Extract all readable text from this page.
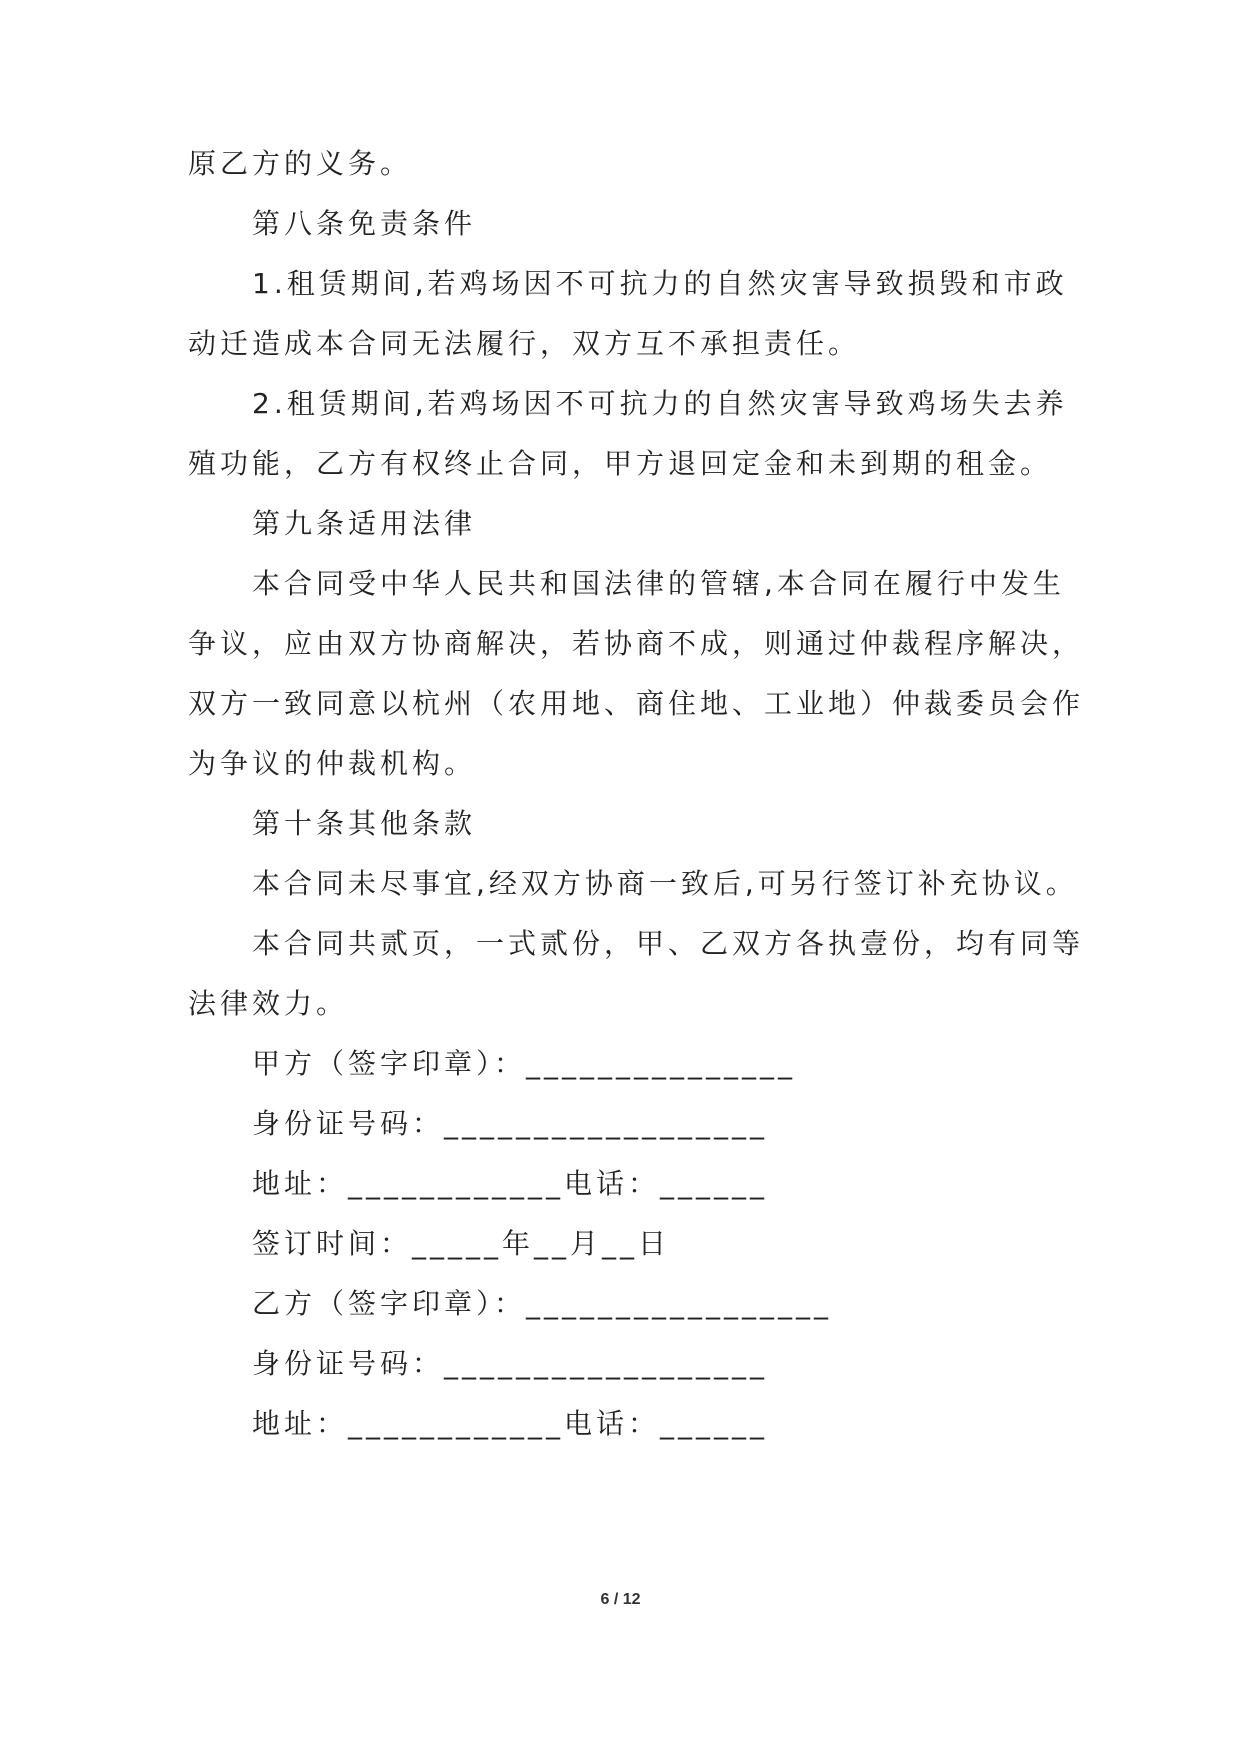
原乙方的义务。
第八条免责条件
1.租赁期间,若鸡场因不可抗力的自然灾害导致损毁和市政
动迁造成本合同无法履行，双方互不承担责任。
2.租赁期间,若鸡场因不可抗力的自然灾害导致鸡场失去养
殖功能，乙方有权终止合同，甲方退回定金和未到期的租金。
第九条适用法律
本合同受中华人民共和国法律的管辖,本合同在履行中发生
争议，应由双方协商解决，若协商不成，则通过仲裁程序解决，
双方一致同意以杭州（农用地、商住地、工业地）仲裁委员会作
为争议的仲裁机构。
第十条其他条款
本合同未尽事宜,经双方协商一致后,可另行签订补充协议。
本合同共贰页，一式贰份，甲、乙双方各执壹份，均有同等
法律效力。
甲方（签字印章）：_______________
身份证号码：__________________
地址：____________电话：______
签订时间：_____年__月__日
乙方（签字印章）：_________________
身份证号码：__________________
地址：____________电话：______
6 / 12
